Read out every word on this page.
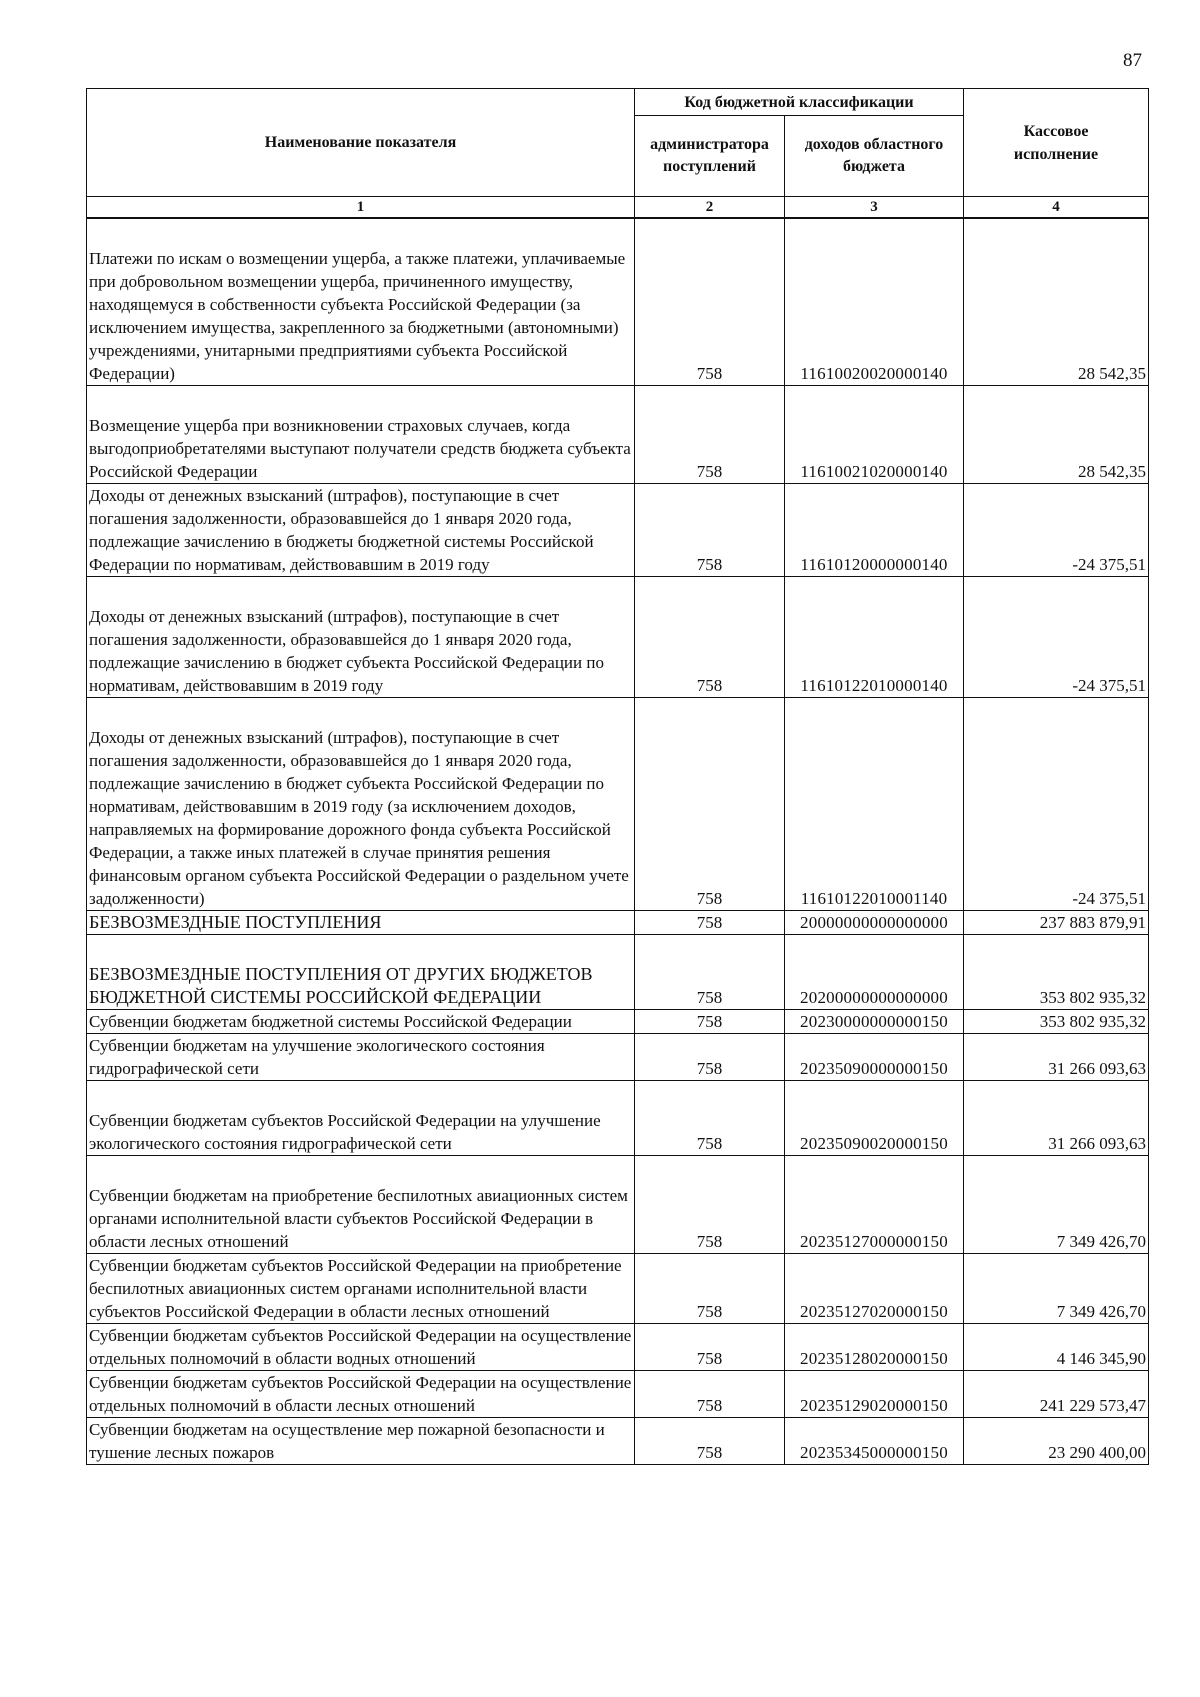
87
Наименование показателя	Код бюджетной классификации		Кассовое исполнение
	администратора поступлений	доходов областного бюджета	
1	2	3	4
Платежи по искам о возмещении ущерба, а также платежи, уплачиваемые при добровольном возмещении ущерба, причиненного имуществу, находящемуся в собственности субъекта Российской Федерации (за исключением имущества, закрепленного за бюджетными (автономными) учреждениями, унитарными предприятиями субъекта Российской Федерации)	758	11610020020000140	28 542,35
Возмещение ущерба при возникновении страховых случаев, когда выгодоприобретателями выступают получатели средств бюджета субъекта Российской Федерации	758	11610021020000140	28 542,35
Доходы от денежных взысканий (штрафов), поступающие в счет погашения задолженности, образовавшейся до 1 января 2020 года, подлежащие зачислению в бюджеты бюджетной системы Российской Федерации по нормативам, действовавшим в 2019 году	758	11610120000000140	-24 375,51
Доходы от денежных взысканий (штрафов), поступающие в счет погашения задолженности, образовавшейся до 1 января 2020 года, подлежащие зачислению в бюджет субъекта Российской Федерации по нормативам, действовавшим в 2019 году	758	11610122010000140	-24 375,51
Доходы от денежных взысканий (штрафов), поступающие в счет погашения задолженности, образовавшейся до 1 января 2020 года, подлежащие зачислению в бюджет субъекта Российской Федерации по нормативам, действовавшим в 2019 году (за исключением доходов, направляемых на формирование дорожного фонда субъекта Российской Федерации, а также иных платежей в случае принятия решения финансовым органом субъекта Российской Федерации о раздельном учете задолженности)	758	11610122010001140	-24 375,51
БЕЗВОЗМЕЗДНЫЕ ПОСТУПЛЕНИЯ	758	20000000000000000	237 883 879,91
БЕЗВОЗМЕЗДНЫЕ ПОСТУПЛЕНИЯ ОТ ДРУГИХ БЮДЖЕТОВ БЮДЖЕТНОЙ СИСТЕМЫ РОССИЙСКОЙ ФЕДЕРАЦИИ	758	20200000000000000	353 802 935,32
Субвенции бюджетам бюджетной системы Российской Федерации	758	20230000000000150	353 802 935,32
Субвенции бюджетам на улучшение экологического состояния гидрографической сети	758	20235090000000150	31 266 093,63
Субвенции бюджетам субъектов Российской Федерации на улучшение экологического состояния гидрографической сети	758	20235090020000150	31 266 093,63
Субвенции бюджетам на приобретение беспилотных авиационных систем органами исполнительной власти субъектов Российской Федерации в области лесных отношений	758	20235127000000150	7 349 426,70
Субвенции бюджетам субъектов Российской Федерации на приобретение беспилотных авиационных систем органами исполнительной власти субъектов Российской Федерации в области лесных отношений	758	20235127020000150	7 349 426,70
Субвенции бюджетам субъектов Российской Федерации на осуществление отдельных полномочий в области водных отношений	758	20235128020000150	4 146 345,90
Субвенции бюджетам субъектов Российской Федерации на осуществление отдельных полномочий в области лесных отношений	758	20235129020000150	241 229 573,47
Субвенции бюджетам на осуществление мер пожарной безопасности и тушение лесных пожаров	758	20235345000000150	23 290 400,00
